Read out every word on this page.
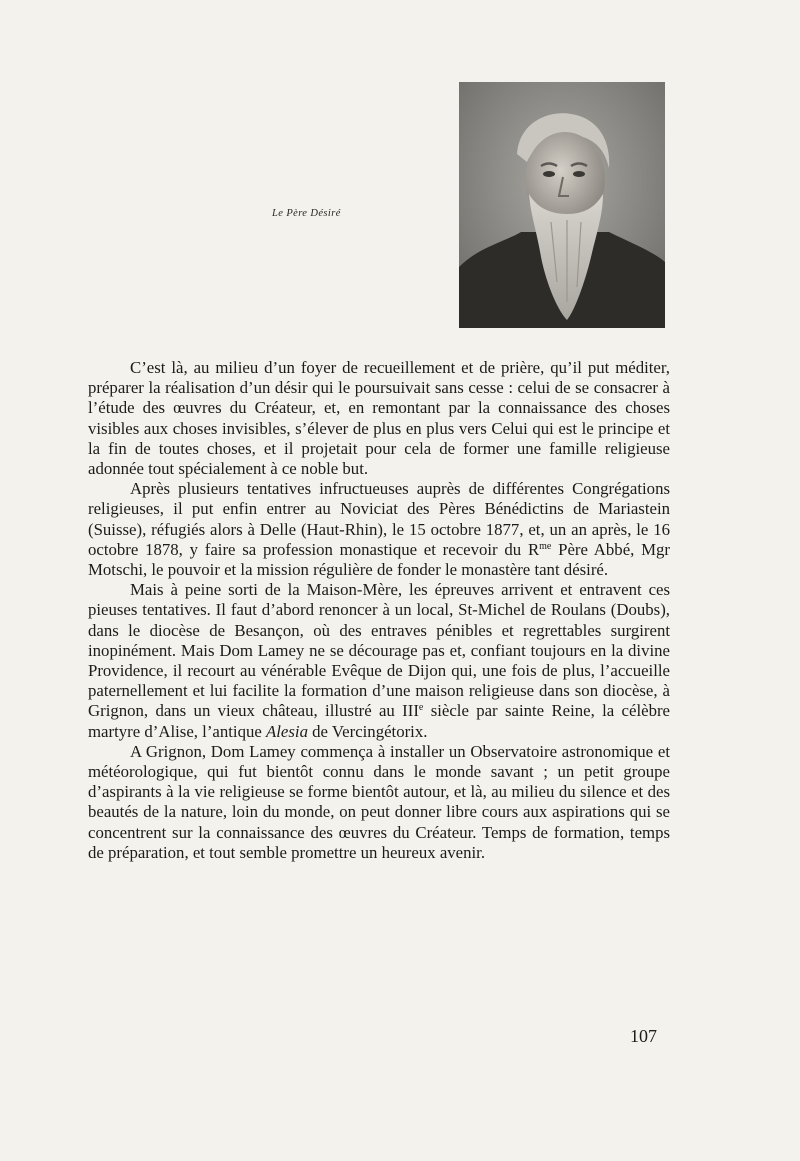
Le Père Désiré

C’est là, au milieu d’un foyer de recueillement et de prière, qu’il put méditer, préparer la réalisation d’un désir qui le poursuivait sans cesse : celui de se consacrer à l’étude des œuvres du Créateur, et, en remontant par la connaissance des choses visibles aux choses invisibles, s’élever de plus en plus vers Celui qui est le principe et la fin de toutes choses, et il projetait pour cela de former une famille religieuse adonnée tout spécialement à ce noble but.

Après plusieurs tentatives infructueuses auprès de différentes Congrégations religieuses, il put enfin entrer au Noviciat des Pères Bénédictins de Mariastein (Suisse), réfugiés alors à Delle (Haut-Rhin), le 15 octobre 1877, et, un an après, le 16 octobre 1878, y faire sa profession monastique et recevoir du $R^{me}$ Père Abbé, Mgr Motschi, le pouvoir et la mission régulière de fonder le monastère tant désiré.

Mais à peine sorti de la Maison-Mère, les épreuves arrivent et entravent ces pieuses tentatives. Il faut d’abord renoncer à un local, St-Michel de Roulans (Doubs), dans le diocèse de Besançon, où des entraves pénibles et regrettables surgirent inopinément. Mais Dom Lamey ne se décourage pas et, confiant toujours en la divine Providence, il recourt au vénérable Evêque de Dijon qui, une fois de plus, l’accueille paternellement et lui facilite la formation d’une maison religieuse dans son diocèse, à Grignon, dans un vieux château, illustré au IIIe siècle par sainte Reine, la célèbre martyre d’Alise, l’antique Alesia de Vercingétorix.

A Grignon, Dom Lamey commença à installer un Observatoire astronomique et météorologique, qui fut bientôt connu dans le monde savant ; un petit groupe d’aspirants à la vie religieuse se forme bientôt autour, et là, au milieu du silence et des beautés de la nature, loin du monde, on peut donner libre cours aux aspirations qui se concentrent sur la connaissance des œuvres du Créateur. Temps de formation, temps de préparation, et tout semble promettre un heureux avenir.

107
